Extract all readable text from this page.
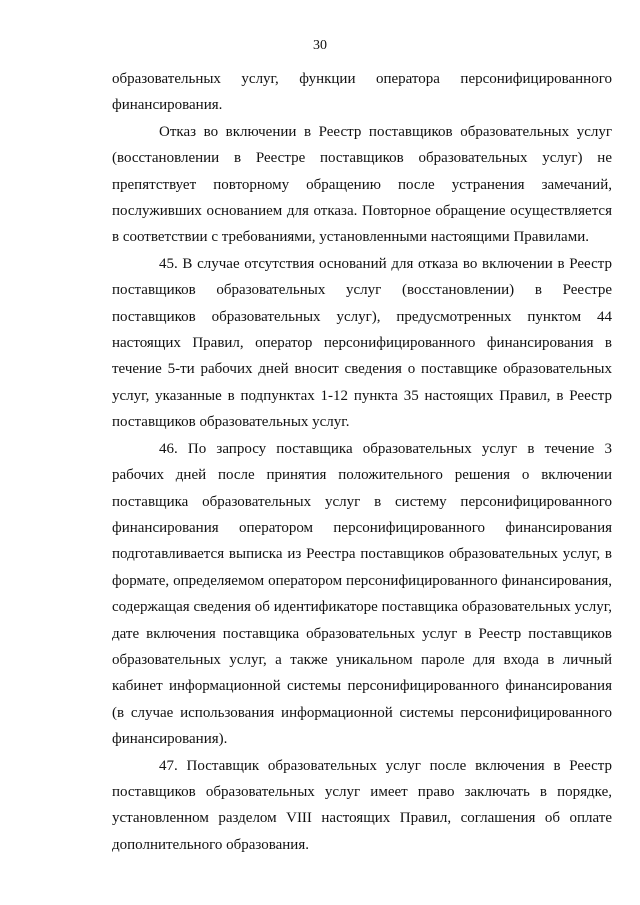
30

образовательных услуг, функции оператора персонифицированного финансирования.

Отказ во включении в Реестр поставщиков образовательных услуг (восстановлении в Реестре поставщиков образовательных услуг) не препятствует повторному обращению после устранения замечаний, послуживших основанием для отказа. Повторное обращение осуществляется в соответствии с требованиями, установленными настоящими Правилами.

45. В случае отсутствия оснований для отказа во включении в Реестр поставщиков образовательных услуг (восстановлении) в Реестре поставщиков образовательных услуг), предусмотренных пунктом 44 настоящих Правил, оператор персонифицированного финансирования в течение 5-ти рабочих дней вносит сведения о поставщике образовательных услуг, указанные в подпунктах 1-12 пункта 35 настоящих Правил, в Реестр поставщиков образовательных услуг.

46. По запросу поставщика образовательных услуг в течение 3 рабочих дней после принятия положительного решения о включении поставщика образовательных услуг в систему персонифицированного финансирования оператором персонифицированного финансирования подготавливается выписка из Реестра поставщиков образовательных услуг, в формате, определяемом оператором персонифицированного финансирования, содержащая сведения об идентификаторе поставщика образовательных услуг, дате включения поставщика образовательных услуг в Реестр поставщиков образовательных услуг, а также уникальном пароле для входа в личный кабинет информационной системы персонифицированного финансирования (в случае использования информационной системы персонифицированного финансирования).

47. Поставщик образовательных услуг после включения в Реестр поставщиков образовательных услуг имеет право заключать в порядке, установленном разделом VIII настоящих Правил, соглашения об оплате дополнительного образования.
